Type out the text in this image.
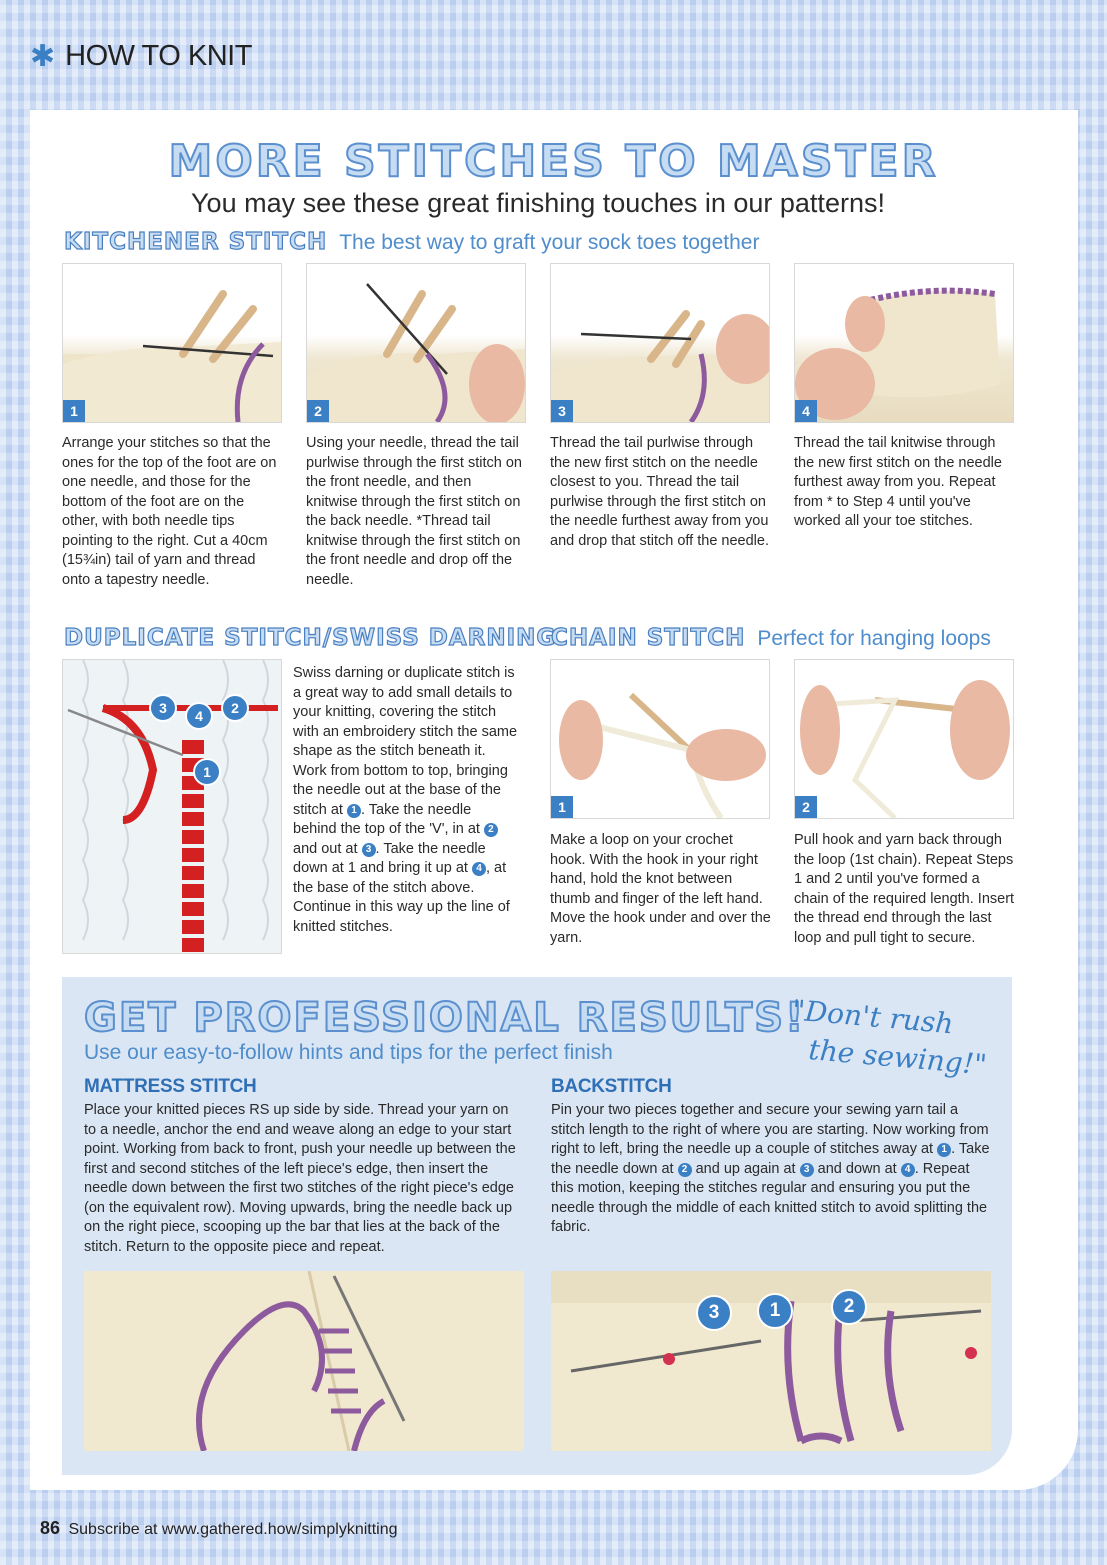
✱ HOW TO KNIT
MORE STITCHES TO MASTER
You may see these great finishing touches in our patterns!
KITCHENER STITCH The best way to graft your sock toes together
1	2	3	4
Arrange your stitches so that the ones for the top of the foot are on one needle, and those for the bottom of the foot are on the other, with both needle tips pointing to the right. Cut a 40cm (15¾in) tail of yarn and thread onto a tapestry needle.
Using your needle, thread the tail purlwise through the first stitch on the front needle, and then knitwise through the first stitch on the back needle. *Thread tail knitwise through the first stitch on the front needle and drop off the needle.
Thread the tail purlwise through the new first stitch on the needle closest to you. Thread the tail purlwise through the first stitch on the needle furthest away from you and drop that stitch off the needle.
Thread the tail knitwise through the new first stitch on the needle furthest away from you. Repeat from * to Step 4 until you've worked all your toe stitches.
DUPLICATE STITCH/SWISS DARNING
3	4	2
1
Swiss darning or duplicate stitch is a great way to add small details to your knitting, covering the stitch with an embroidery stitch the same shape as the stitch beneath it. Work from bottom to top, bringing the needle out at the base of the stitch at 1 . Take the needle behind the top of the 'V', in at 2 and out at 3 . Take the needle down at 1 and bring it up at 4 , at the base of the stitch above. Continue in this way up the line of knitted stitches.
CHAIN STITCH Perfect for hanging loops
1	2
Make a loop on your crochet hook. With the hook in your right hand, hold the knot between thumb and finger of the left hand. Move the hook under and over the yarn.
Pull hook and yarn back through the loop (1st chain). Repeat Steps 1 and 2 until you've formed a chain of the required length. Insert the thread end through the last loop and pull tight to secure.
GET PROFESSIONAL RESULTS!
Use our easy-to-follow hints and tips for the perfect finish
"Don't rush
the sewing!"
MATTRESS STITCH
Place your knitted pieces RS up side by side. Thread your yarn on to a needle, anchor the end and weave along an edge to your start point. Working from back to front, push your needle up between the first and second stitches of the left piece's edge, then insert the needle down between the first two stitches of the right piece's edge (on the equivalent row). Moving upwards, bring the needle back up on the right piece, scooping up the bar that lies at the back of the stitch. Return to the opposite piece and repeat.
BACKSTITCH
Pin your two pieces together and secure your sewing yarn tail a stitch length to the right of where you are starting. Now working from right to left, bring the needle up a couple of stitches away at 1 . Take the needle down at 2 and up again at 3 and down at 4 . Repeat this motion, keeping the stitches regular and ensuring you put the needle through the middle of each knitted stitch to avoid splitting the fabric.
3	1	2
86 Subscribe at www.gathered.how/simplyknitting
